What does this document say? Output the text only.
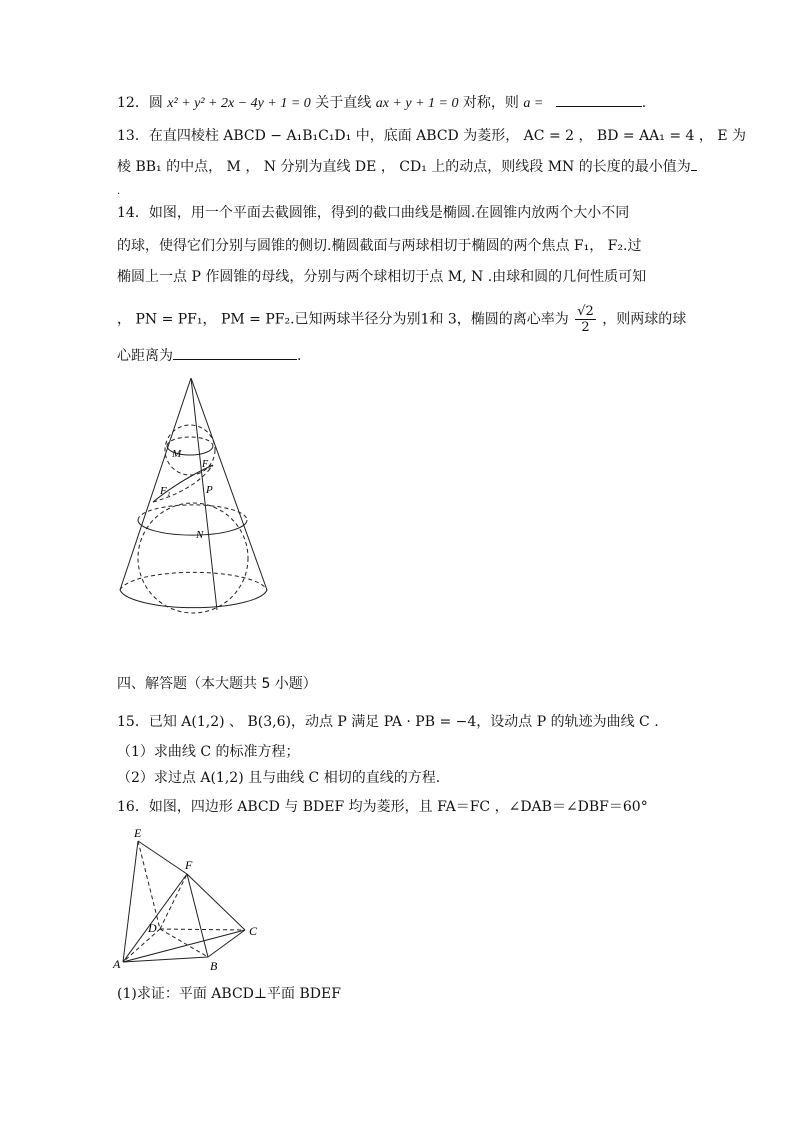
12．圆 x² + y² + 2x − 4y + 1 = 0 关于直线 ax + y + 1 = 0 对称，则 a =	.
13．在直四棱柱 ABCD − A₁B₁C₁D₁ 中，底面 ABCD 为菱形， AC = 2 ， BD = AA₁ = 4 ， E 为
棱 BB₁ 的中点， M ， N 分别为直线 DE ， CD₁ 上的动点，则线段 MN 的长度的最小值为
.
14．如图，用一个平面去截圆锥，得到的截口曲线是椭圆.在圆锥内放两个大小不同
的球，使得它们分别与圆锥的侧切.椭圆截面与两球相切于椭圆的两个焦点 F₁， F₂.过
椭圆上一点 P 作圆锥的母线，分别与两个球相切于点 M, N .由球和圆的几何性质可知
， PN = PF₁， PM = PF₂.已知两球半径分为别1和 3，椭圆的离心率为 $\frac{√2}{2}$ ，则两球的球
心距离为	.
M
F₂
F₁	P
N
四、解答题（本大题共 5 小题）
15．已知 A(1,2) 、 B(3,6)，动点 P 满足 PA · PB = −4，设动点 P 的轨迹为曲线 C .
（1）求曲线 C 的标准方程；
（2）求过点 A(1,2) 且与曲线 C 相切的直线的方程.
16．如图，四边形 ABCD 与 BDEF 均为菱形，且 FA＝FC ，∠DAB＝∠DBF＝60°
E
F
D	C
A	B
(1)求证：平面 ABCD⊥平面 BDEF
